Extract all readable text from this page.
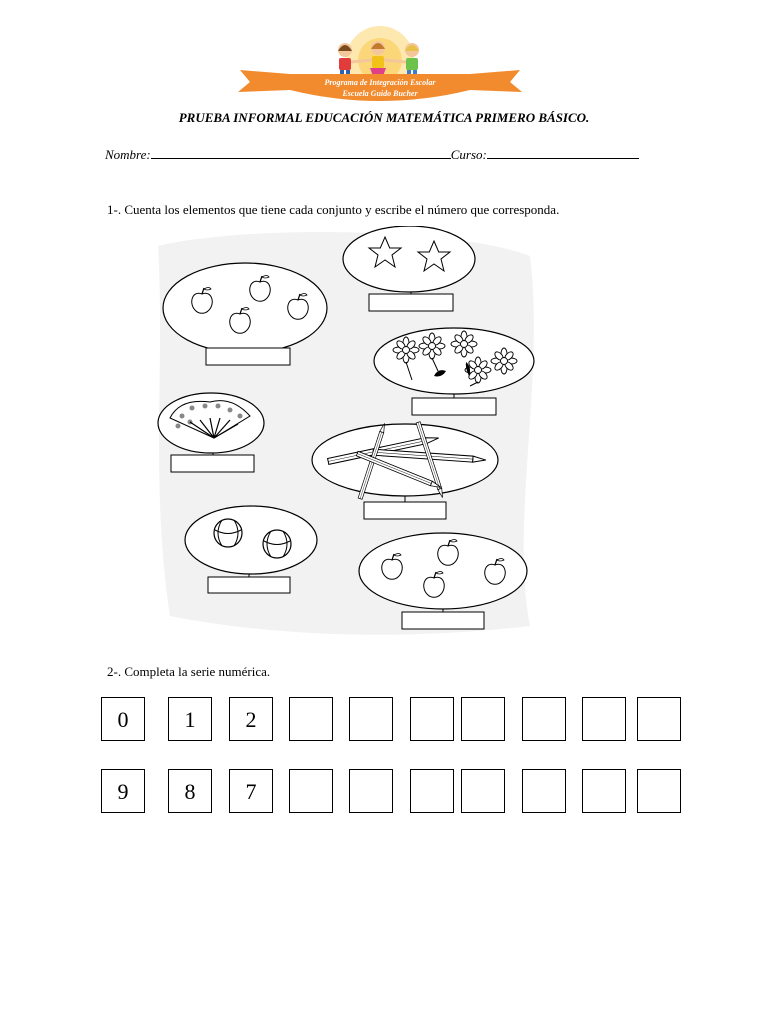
Programa de Integración Escolar
Escuela Guido Bucher
PRUEBA INFORMAL EDUCACIÓN MATEMÁTICA PRIMERO BÁSICO.
Nombre:	Curso:
1-. Cuenta los elementos que tiene cada conjunto y escribe el número que corresponda.
2-. Completa la serie numérica.
0	1	2
9	8	7
